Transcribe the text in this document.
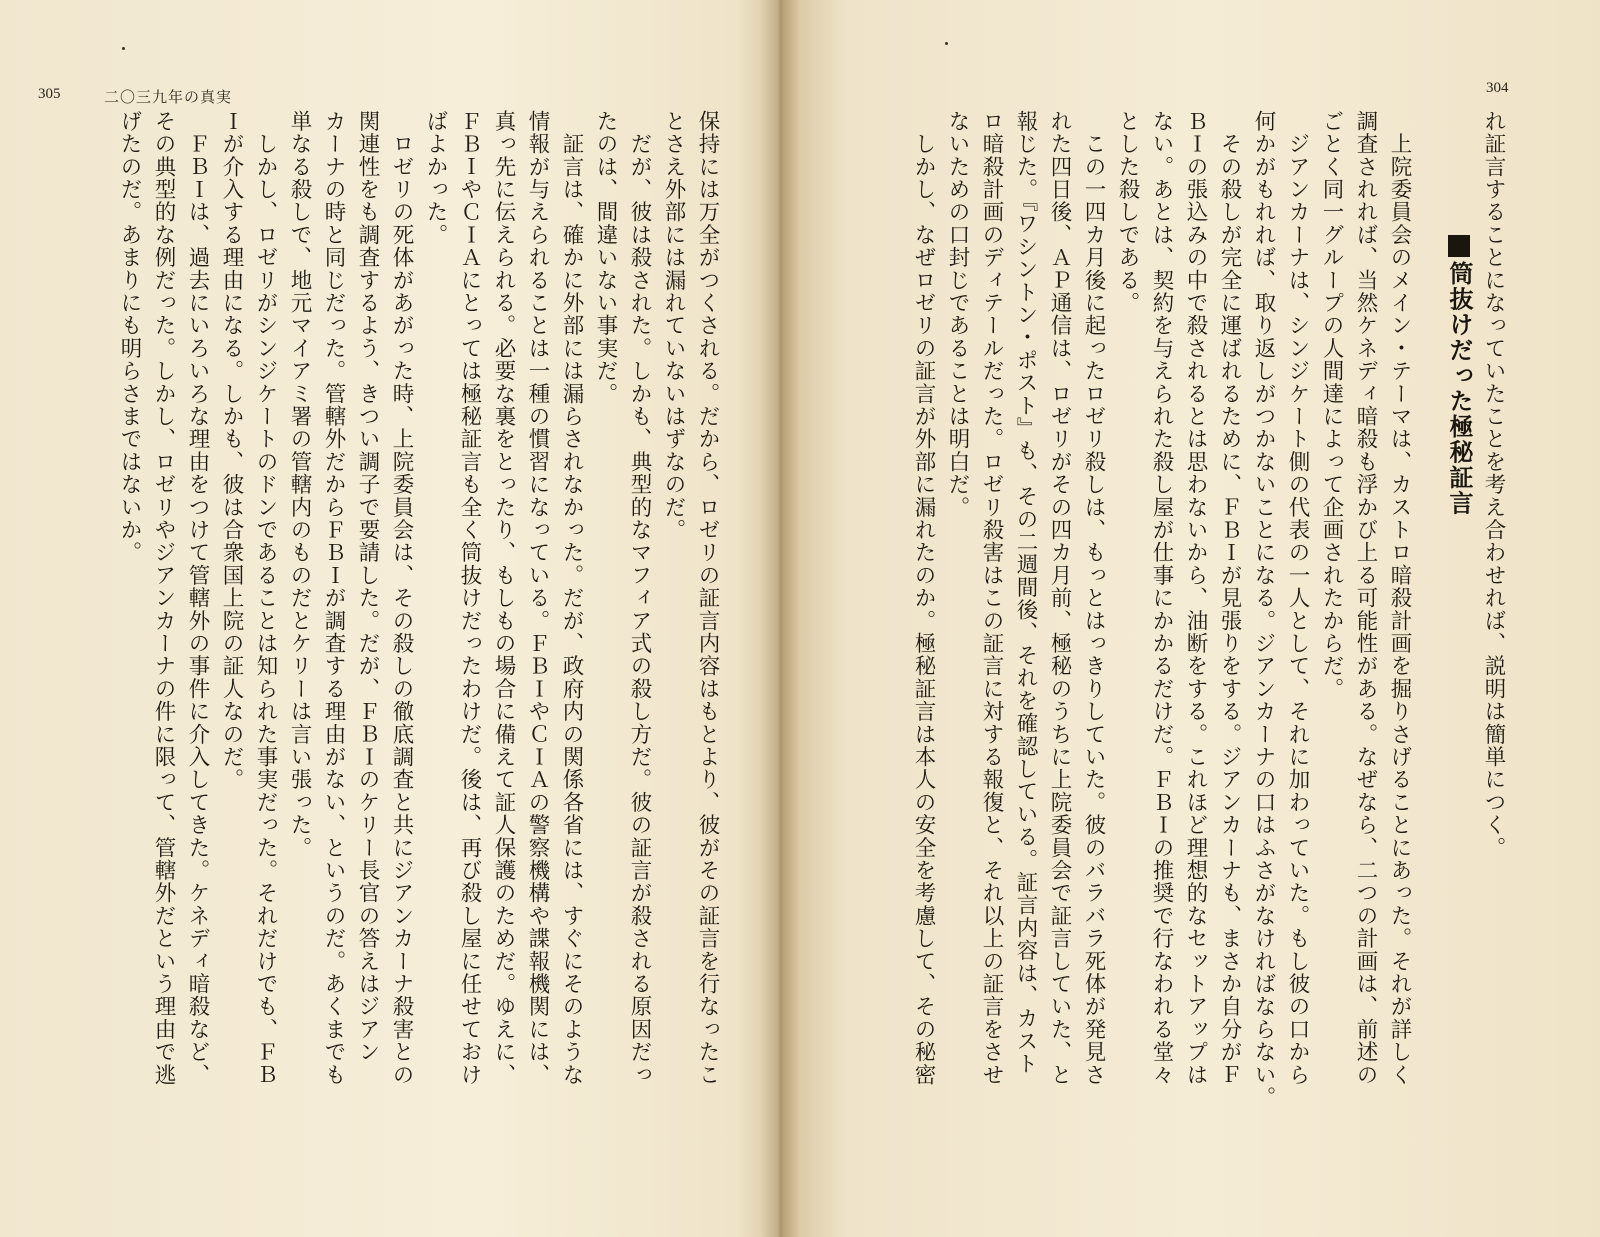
305	二〇三九年の真実
保持には万全がつくされる。だから、ロゼリの証言内容はもとより、彼がその証言を行なったこ
とさえ外部には漏れていないはずなのだ。
　だが、彼は殺された。しかも、典型的なマフィア式の殺し方だ。彼の証言が殺される原因だっ
たのは、間違いない事実だ。
　証言は、確かに外部には漏らされなかった。だが、政府内の関係各省には、すぐにそのような
情報が与えられることは一種の慣習になっている。ＦＢＩやＣＩＡの警察機構や諜報機関には、
真っ先に伝えられる。必要な裏をとったり、もしもの場合に備えて証人保護のためだ。ゆえに、
ＦＢＩやＣＩＡにとっては極秘証言も全く筒抜けだったわけだ。後は、再び殺し屋に任せておけ
ばよかった。
　ロゼリの死体があがった時、上院委員会は、その殺しの徹底調査と共にジアンカーナ殺害との
関連性をも調査するよう、きつい調子で要請した。だが、ＦＢＩのケリー長官の答えはジアン
カーナの時と同じだった。管轄外だからＦＢＩが調査する理由がない、というのだ。あくまでも
単なる殺しで、地元マイアミ署の管轄内のものだとケリーは言い張った。
　しかし、ロゼリがシンジケートのドンであることは知られた事実だった。それだけでも、ＦＢ
Ｉが介入する理由になる。しかも、彼は合衆国上院の証人なのだ。
　ＦＢＩは、過去にいろいろな理由をつけて管轄外の事件に介入してきた。ケネディ暗殺など、
その典型的な例だった。しかし、ロゼリやジアンカーナの件に限って、管轄外だという理由で逃
げたのだ。あまりにも明らさまではないか。
304
れ証言することになっていたことを考え合わせれば、説明は簡単につく。
筒抜けだった極秘証言
　上院委員会のメイン・テーマは、カストロ暗殺計画を掘りさげることにあった。それが詳しく
調査されれば、当然ケネディ暗殺も浮かび上る可能性がある。なぜなら、二つの計画は、前述の
ごとく同一グループの人間達によって企画されたからだ。
　ジアンカーナは、シンジケート側の代表の一人として、それに加わっていた。もし彼の口から
何かがもれれば、取り返しがつかないことになる。ジアンカーナの口はふさがなければならない。
　その殺しが完全に運ばれるために、ＦＢＩが見張りをする。ジアンカーナも、まさか自分がＦ
ＢＩの張込みの中で殺されるとは思わないから、油断をする。これほど理想的なセットアップは
ない。あとは、契約を与えられた殺し屋が仕事にかかるだけだ。ＦＢＩの推奨で行なわれる堂々
とした殺しである。
　この一四カ月後に起ったロゼリ殺しは、もっとはっきりしていた。彼のバラバラ死体が発見さ
れた四日後、ＡＰ通信は、ロゼリがその四カ月前、極秘のうちに上院委員会で証言していた、と
報じた。『ワシントン・ポスト』も、その二週間後、それを確認している。証言内容は、カスト
ロ暗殺計画のディテールだった。ロゼリ殺害はこの証言に対する報復と、それ以上の証言をさせ
ないための口封じであることは明白だ。
　しかし、なぜロゼリの証言が外部に漏れたのか。極秘証言は本人の安全を考慮して、その秘密
